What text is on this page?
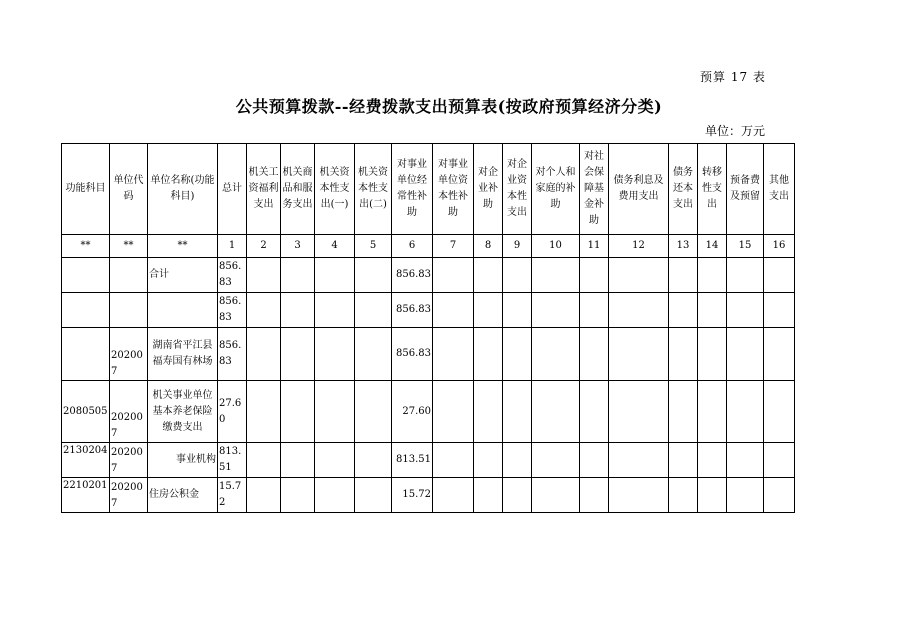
预算 17 表
公共预算拨款--经费拨款支出预算表(按政府预算经济分类)
单位：万元
功能科目	单位代码	单位名称(功能科目)	总计	机关工资福利支出	机关商品和服务支出	机关资本性支出(一)	机关资本性支出(二)	对事业单位经常性补助	对事业单位资本性补助	对企业补助	对企业资本性支出	对个人和家庭的补助	对社会保障基金补助	债务利息及费用支出	债务还本支出	转移性支出	预备费及预留	其他支出
**	**	**	1	2	3	4	5	6	7	8	9	10	11	12	13	14	15	16
		合计	856.83					856.83										
			856.83					856.83										
	202007	湖南省平江县福寿国有林场	856.83					856.83										
2080505	202007	机关事业单位基本养老保险缴费支出	27.60					27.60										
2130204	202007	事业机构	813.51					813.51										
2210201	202007	住房公积金	15.72					15.72										
